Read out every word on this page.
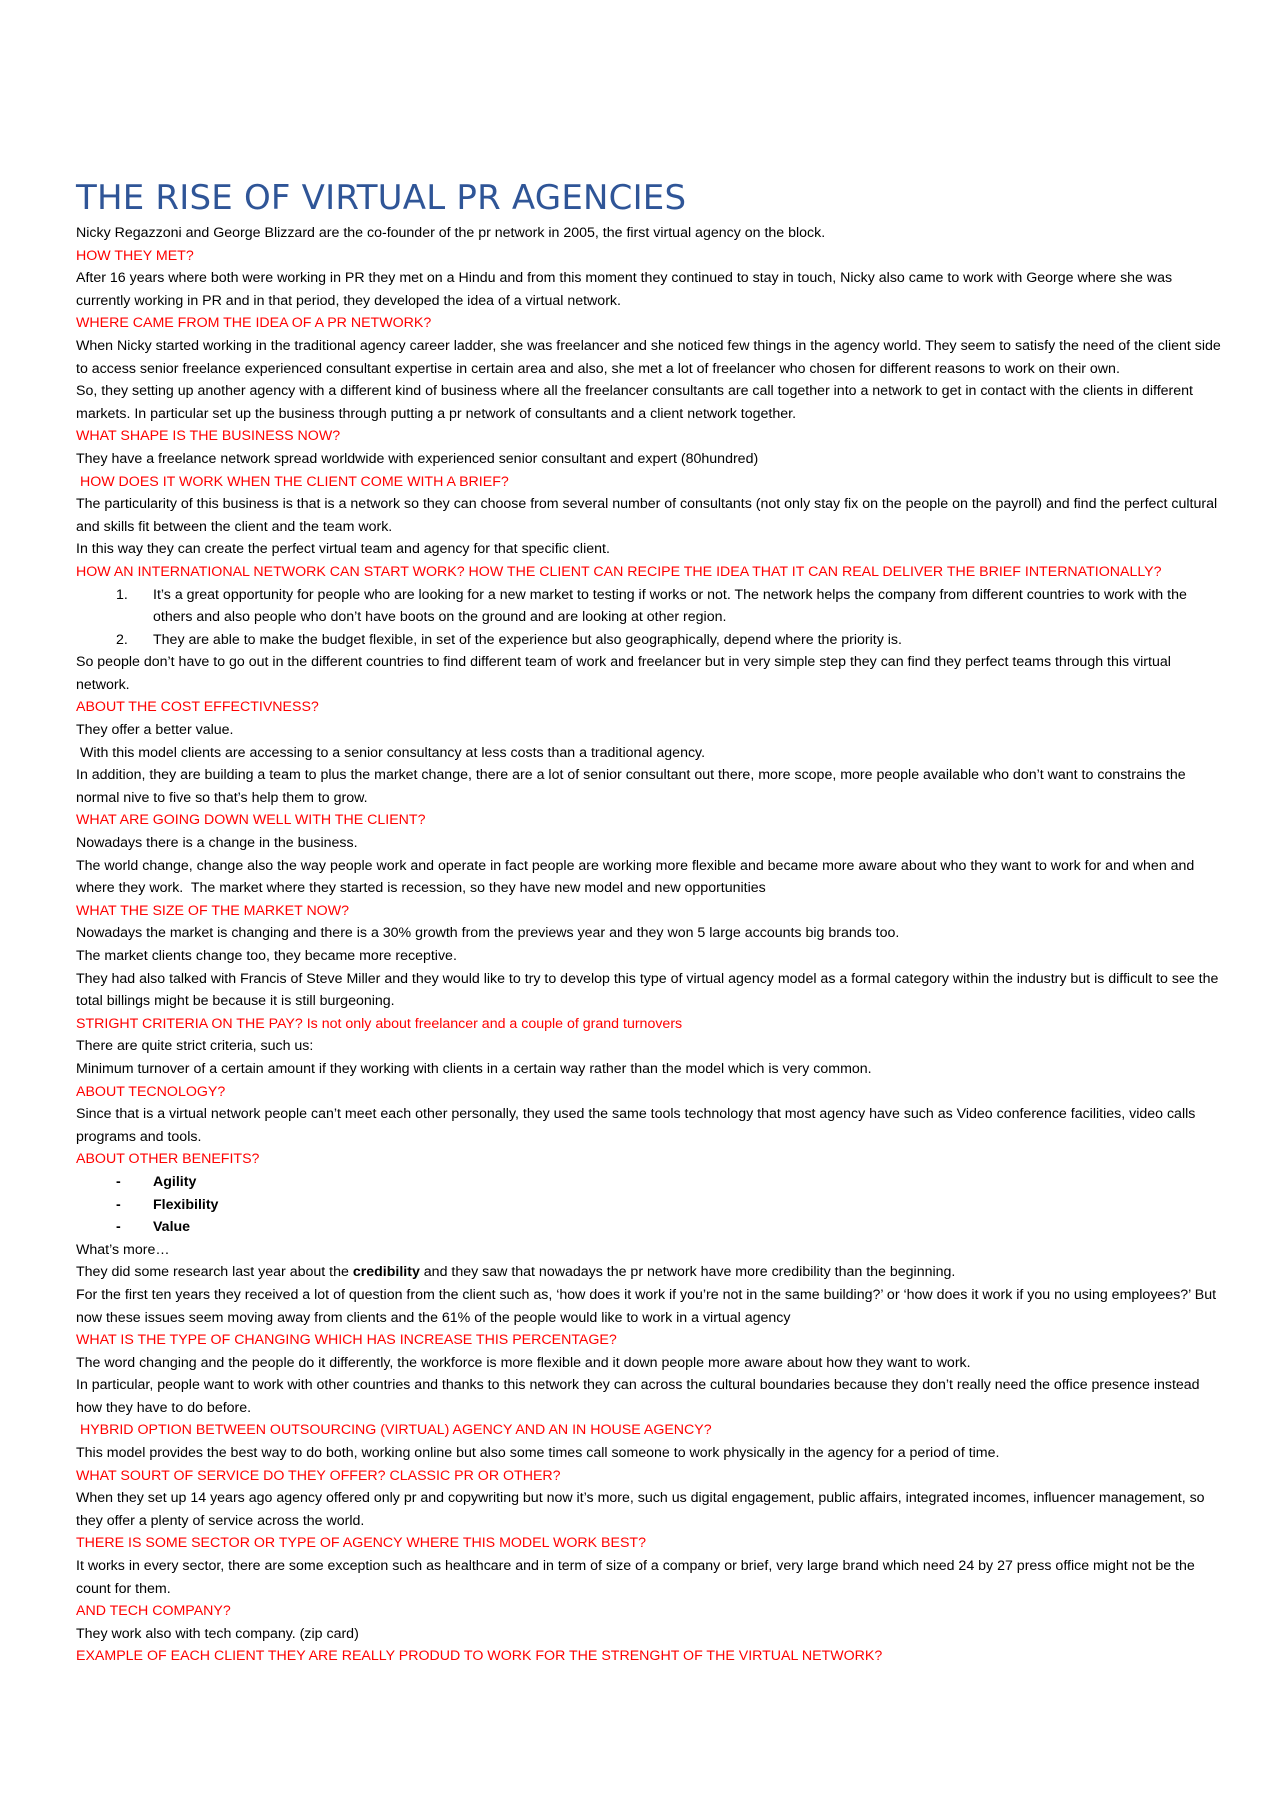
THE RISE OF VIRTUAL PR AGENCIES

Nicky Regazzoni and George Blizzard are the co-founder of the pr network in 2005, the first virtual agency on the block.

HOW THEY MET?

After 16 years where both were working in PR they met on a Hindu and from this moment they continued to stay in touch, Nicky also came to work with George where she was currently working in PR and in that period, they developed the idea of a virtual network.

WHERE CAME FROM THE IDEA OF A PR NETWORK?

When Nicky started working in the traditional agency career ladder, she was freelancer and she noticed few things in the agency world. They seem to satisfy the need of the client side to access senior freelance experienced consultant expertise in certain area and also, she met a lot of freelancer who chosen for different reasons to work on their own.

So, they setting up another agency with a different kind of business where all the freelancer consultants are call together into a network to get in contact with the clients in different markets. In particular set up the business through putting a pr network of consultants and a client network together.

WHAT SHAPE IS THE BUSINESS NOW?

They have a freelance network spread worldwide with experienced senior consultant and expert (80hundred)

HOW DOES IT WORK WHEN THE CLIENT COME WITH A BRIEF?

The particularity of this business is that is a network so they can choose from several number of consultants (not only stay fix on the people on the payroll) and find the perfect cultural and skills fit between the client and the team work.

In this way they can create the perfect virtual team and agency for that specific client.

HOW AN INTERNATIONAL NETWORK CAN START WORK? HOW THE CLIENT CAN RECIPE THE IDEA THAT IT CAN REAL DELIVER THE BRIEF INTERNATIONALLY?

1. It’s a great opportunity for people who are looking for a new market to testing if works or not. The network helps the company from different countries to work with the others and also people who don’t have boots on the ground and are looking at other region.
2. They are able to make the budget flexible, in set of the experience but also geographically, depend where the priority is.

So people don’t have to go out in the different countries to find different team of work and freelancer but in very simple step they can find they perfect teams through this virtual network.

ABOUT THE COST EFFECTIVNESS?

They offer a better value.

With this model clients are accessing to a senior consultancy at less costs than a traditional agency.

In addition, they are building a team to plus the market change, there are a lot of senior consultant out there, more scope, more people available who don’t want to constrains the normal nive to five so that’s help them to grow.

WHAT ARE GOING DOWN WELL WITH THE CLIENT?

Nowadays there is a change in the business.

The world change, change also the way people work and operate in fact people are working more flexible and became more aware about who they want to work for and when and where they work.  The market where they started is recession, so they have new model and new opportunities

WHAT THE SIZE OF THE MARKET NOW?

Nowadays the market is changing and there is a 30% growth from the previews year and they won 5 large accounts big brands too.

The market clients change too, they became more receptive.

They had also talked with Francis of Steve Miller and they would like to try to develop this type of virtual agency model as a formal category within the industry but is difficult to see the total billings might be because it is still burgeoning.

STRIGHT CRITERIA ON THE PAY? Is not only about freelancer and a couple of grand turnovers

There are quite strict criteria, such us:

Minimum turnover of a certain amount if they working with clients in a certain way rather than the model which is very common.

ABOUT TECNOLOGY?

Since that is a virtual network people can’t meet each other personally, they used the same tools technology that most agency have such as Video conference facilities, video calls programs and tools.

ABOUT OTHER BENEFITS?

- Agility
- Flexibility
- Value

What’s more…

They did some research last year about the credibility and they saw that nowadays the pr network have more credibility than the beginning.

For the first ten years they received a lot of question from the client such as, ‘how does it work if you’re not in the same building?’ or ‘how does it work if you no using employees?’ But now these issues seem moving away from clients and the 61% of the people would like to work in a virtual agency

WHAT IS THE TYPE OF CHANGING WHICH HAS INCREASE THIS PERCENTAGE?

The word changing and the people do it differently, the workforce is more flexible and it down people more aware about how they want to work.

In particular, people want to work with other countries and thanks to this network they can across the cultural boundaries because they don’t really need the office presence instead how they have to do before.

HYBRID OPTION BETWEEN OUTSOURCING (VIRTUAL) AGENCY AND AN IN HOUSE AGENCY?

This model provides the best way to do both, working online but also some times call someone to work physically in the agency for a period of time.

WHAT SOURT OF SERVICE DO THEY OFFER? CLASSIC PR OR OTHER?

When they set up 14 years ago agency offered only pr and copywriting but now it’s more, such us digital engagement, public affairs, integrated incomes, influencer management, so they offer a plenty of service across the world.

THERE IS SOME SECTOR OR TYPE OF AGENCY WHERE THIS MODEL WORK BEST?

It works in every sector, there are some exception such as healthcare and in term of size of a company or brief, very large brand which need 24 by 27 press office might not be the count for them.

AND TECH COMPANY?

They work also with tech company. (zip card)

EXAMPLE OF EACH CLIENT THEY ARE REALLY PRODUD TO WORK FOR THE STRENGHT OF THE VIRTUAL NETWORK?
